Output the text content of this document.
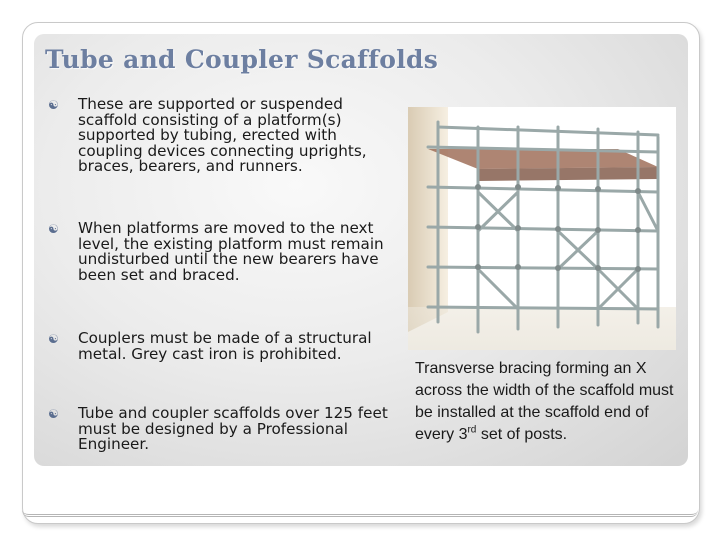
Tube and Coupler Scaffolds
☯ These are supported or suspended scaffold consisting of a platform(s) supported by tubing, erected with coupling devices connecting uprights, braces, bearers, and runners.
☯ When platforms are moved to the next level, the existing platform must remain undisturbed until the new bearers have been set and braced.
☯ Couplers must be made of a structural metal. Grey cast iron is prohibited.
☯ Tube and coupler scaffolds over 125 feet must be designed by a Professional Engineer.
Transverse bracing forming an X across the width of the scaffold must be installed at the scaffold end of every 3rd set of posts.
